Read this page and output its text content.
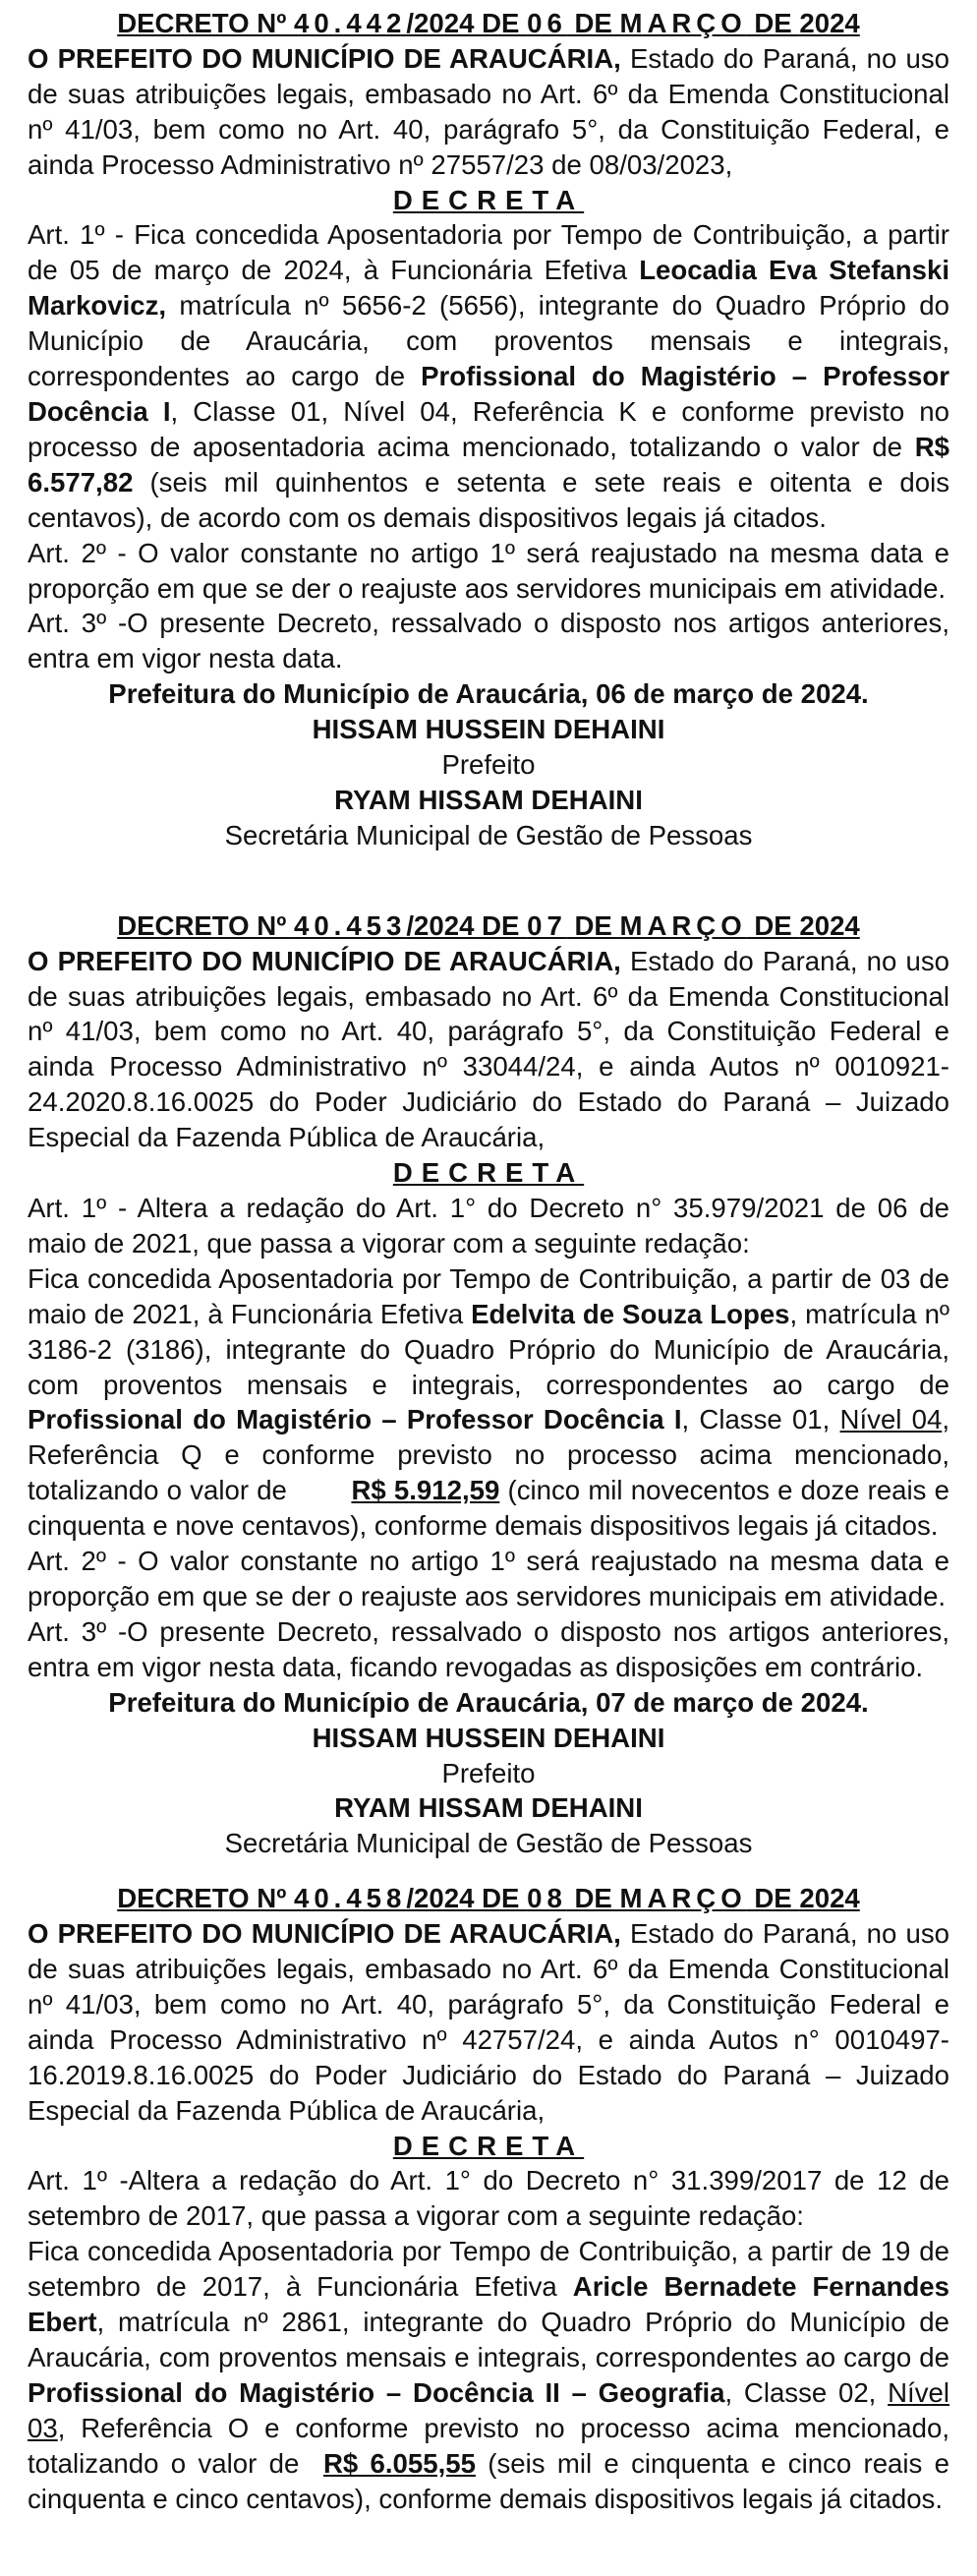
DECRETO Nº 40.442/2024 DE 06 DE MARÇO DE 2024

O PREFEITO DO MUNICÍPIO DE ARAUCÁRIA, Estado do Paraná, no uso de suas atribuições legais, embasado no Art. 6º da Emenda Constitucional nº 41/03, bem como no Art. 40, parágrafo 5°, da Constituição Federal, e ainda Processo Administrativo nº 27557/23 de 08/03/2023,

DECRETA

Art. 1º - Fica concedida Aposentadoria por Tempo de Contribuição, a partir de 05 de março de 2024, à Funcionária Efetiva Leocadia Eva Stefanski Markovicz, matrícula nº 5656-2 (5656), integrante do Quadro Próprio do Município de Araucária, com proventos mensais e integrais, correspondentes ao cargo de Profissional do Magistério – Professor Docência I, Classe 01, Nível 04, Referência K e conforme previsto no processo de aposentadoria acima mencionado, totalizando o valor de R$ 6.577,82 (seis mil quinhentos e setenta e sete reais e oitenta e dois centavos), de acordo com os demais dispositivos legais já citados.

Art. 2º - O valor constante no artigo 1º será reajustado na mesma data e proporção em que se der o reajuste aos servidores municipais em atividade.

Art. 3º -O presente Decreto, ressalvado o disposto nos artigos anteriores, entra em vigor nesta data.

Prefeitura do Município de Araucária, 06 de março de 2024.

HISSAM HUSSEIN DEHAINI

Prefeito

RYAM HISSAM DEHAINI

Secretária Municipal de Gestão de Pessoas

DECRETO Nº 40.453/2024 DE 07 DE MARÇO DE 2024

O PREFEITO DO MUNICÍPIO DE ARAUCÁRIA, Estado do Paraná, no uso de suas atribuições legais, embasado no Art. 6º da Emenda Constitucional nº 41/03, bem como no Art. 40, parágrafo 5°, da Constituição Federal e ainda Processo Administrativo nº 33044/24, e ainda Autos nº 0010921-24.2020.8.16.0025 do Poder Judiciário do Estado do Paraná – Juizado Especial da Fazenda Pública de Araucária,

DECRETA

Art. 1º - Altera a redação do Art. 1° do Decreto n° 35.979/2021 de 06 de maio de 2021, que passa a vigorar com a seguinte redação:

Fica concedida Aposentadoria por Tempo de Contribuição, a partir de 03 de maio de 2021, à Funcionária Efetiva Edelvita de Souza Lopes, matrícula nº 3186-2 (3186), integrante do Quadro Próprio do Município de Araucária, com proventos mensais e integrais, correspondentes ao cargo de Profissional do Magistério – Professor Docência I, Classe 01, Nível 04, Referência Q e conforme previsto no processo acima mencionado, totalizando o valor de        R$ 5.912,59 (cinco mil novecentos e doze reais e cinquenta e nove centavos), conforme demais dispositivos legais já citados.

Art. 2º - O valor constante no artigo 1º será reajustado na mesma data e proporção em que se der o reajuste aos servidores municipais em atividade.

Art. 3º -O presente Decreto, ressalvado o disposto nos artigos anteriores, entra em vigor nesta data, ficando revogadas as disposições em contrário.

Prefeitura do Município de Araucária, 07 de março de 2024.

HISSAM HUSSEIN DEHAINI

Prefeito

RYAM HISSAM DEHAINI

Secretária Municipal de Gestão de Pessoas

DECRETO Nº 40.458/2024 DE 08 DE MARÇO DE 2024

O PREFEITO DO MUNICÍPIO DE ARAUCÁRIA, Estado do Paraná, no uso de suas atribuições legais, embasado no Art. 6º da Emenda Constitucional nº 41/03, bem como no Art. 40, parágrafo 5°, da Constituição Federal e ainda Processo Administrativo nº 42757/24, e ainda Autos n° 0010497-16.2019.8.16.0025 do Poder Judiciário do Estado do Paraná – Juizado Especial da Fazenda Pública de Araucária,

DECRETA

Art. 1º -Altera a redação do Art. 1° do Decreto n° 31.399/2017 de 12 de setembro de 2017, que passa a vigorar com a seguinte redação:

Fica concedida Aposentadoria por Tempo de Contribuição, a partir de 19 de setembro de 2017, à Funcionária Efetiva Aricle Bernadete Fernandes Ebert, matrícula nº 2861, integrante do Quadro Próprio do Município de Araucária, com proventos mensais e integrais, correspondentes ao cargo de Profissional do Magistério – Docência II – Geografia, Classe 02, Nível 03, Referência O e conforme previsto no processo acima mencionado, totalizando o valor de  R$ 6.055,55 (seis mil e cinquenta e cinco reais e cinquenta e cinco centavos), conforme demais dispositivos legais já citados.
